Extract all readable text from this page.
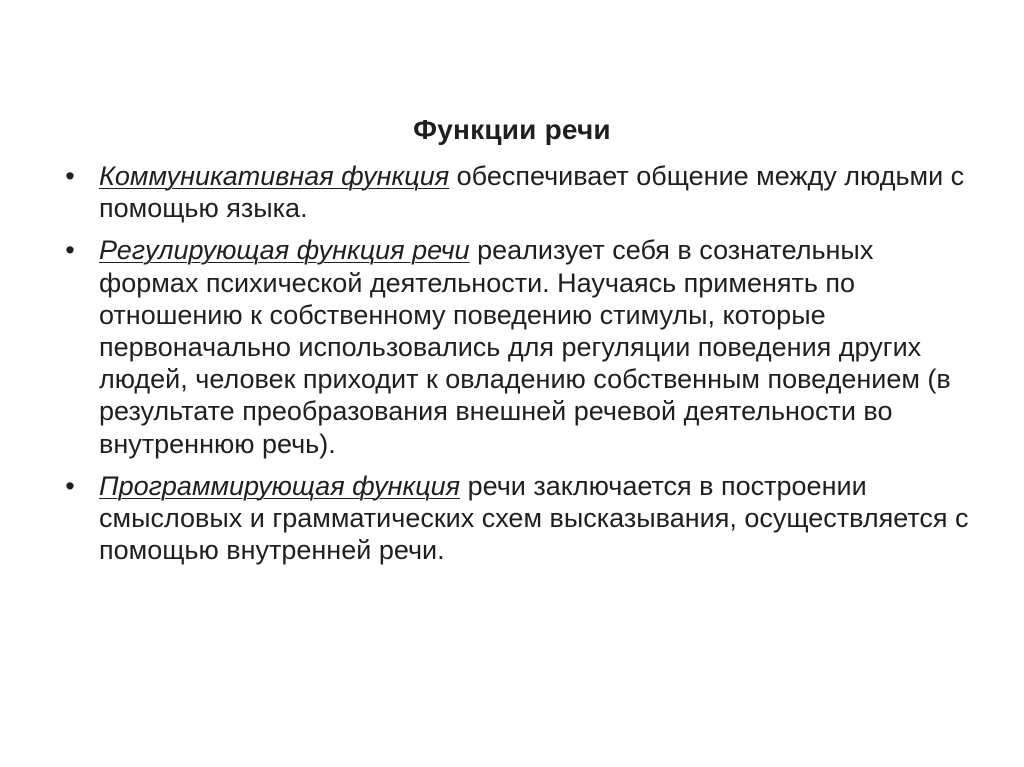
Функции речи
• Коммуникативная функция обеспечивает общение между людьми с помощью языка.
• Регулирующая функция речи реализует себя в сознательных формах психической деятельности. Научаясь применять по отношению к собственному поведению стимулы, которые первоначально использовались для регуляции поведения других людей, человек приходит к овладению собственным поведением (в результате преобразования внешней речевой деятельности во внутреннюю речь).
• Программирующая функция речи заключается в построении смысловых и грамматических схем высказывания, осуществляется с помощью внутренней речи.
